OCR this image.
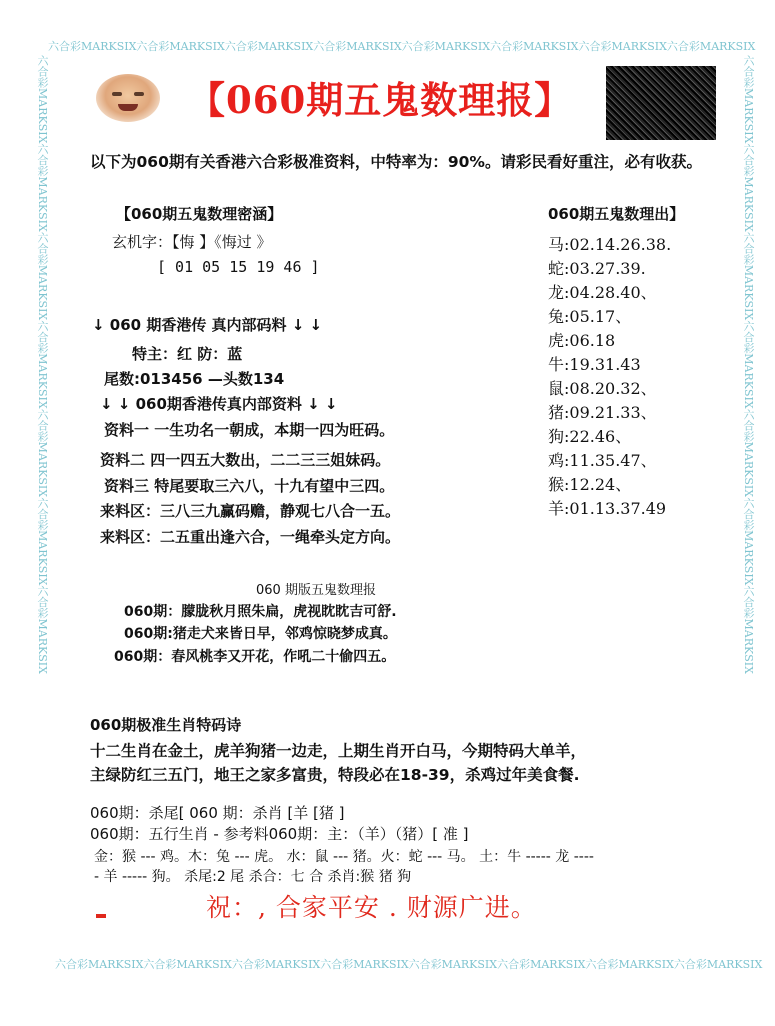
六合彩MARKSIX六合彩MARKSIX六合彩MARKSIX六合彩MARKSIX六合彩MARKSIX六合彩MARKSIX六合彩MARKSIX六合彩MARKSIX
六合彩MARKSIX六合彩MARKSIX六合彩MARKSIX六合彩MARKSIX六合彩MARKSIX六合彩MARKSIX六合彩MARKSIX六合彩MARKSIX
六合彩MARKSIX六合彩MARKSIX六合彩MARKSIX六合彩MARKSIX六合彩MARKSIX六合彩MARKSIX六合彩MARKSIX	六合彩MARKSIX六合彩MARKSIX六合彩MARKSIX六合彩MARKSIX六合彩MARKSIX六合彩MARKSIX六合彩MARKSIX
【060期五鬼数理报】
以下为060期有关香港六合彩极准资料，中特率为：90%。请彩民看好重注，必有收获。
【060期五鬼数理密涵】
玄机字：【悔 】《悔过 》
[ 01 05 15 19 46 ]
↓ 060 期香港传 真内部码料 ↓ ↓
特主：红 防：蓝
尾数:013456 —头数134
↓ ↓ 060期香港传真内部资料 ↓ ↓
资料一 一生功名一朝成，本期一四为旺码。
资料二 四一四五大数出，二二三三姐妹码。
资料三 特尾要取三六八，十九有望中三四。
来料区：三八三九赢码赡，静观七八合一五。
来料区：二五重出逢六合，一绳牵头定方向。
060期五鬼数理出】
马:02.14.26.38.
蛇:03.27.39.
龙:04.28.40、
兔:05.17、
虎:06.18
牛:19.31.43
鼠:08.20.32、
猪:09.21.33、
狗:22.46、
鸡:11.35.47、
猴:12.24、
羊:01.13.37.49
060 期版五鬼数理报
060期：朦胧秋月照朱扁，虎视眈眈吉可舒.
060期:猪走犬来皆日早，邻鸡惊晓梦成真。
060期：春风桃李又开花，作吼二十偷四五。
060期极准生肖特码诗
十二生肖在金土，虎羊狗猪一边走，上期生肖开白马，今期特码大单羊，
主绿防红三五门，地王之家多富贵，特段必在18-39，杀鸡过年美食餐.
060期：杀尾[ 060 期：杀肖 [羊 [猪 ]
060期：五行生肖 - 参考料060期：主：（羊）（猪）[ 准 ]
金：猴 --- 鸡。木：兔 --- 虎。 水：鼠 --- 猪。火：蛇 --- 马。 土：牛 ----- 龙 ----
- 羊 ----- 狗。 杀尾:2 尾 杀合：七 合 杀肖:猴 猪 狗
祝：, 合家平安 . 财源广进。
